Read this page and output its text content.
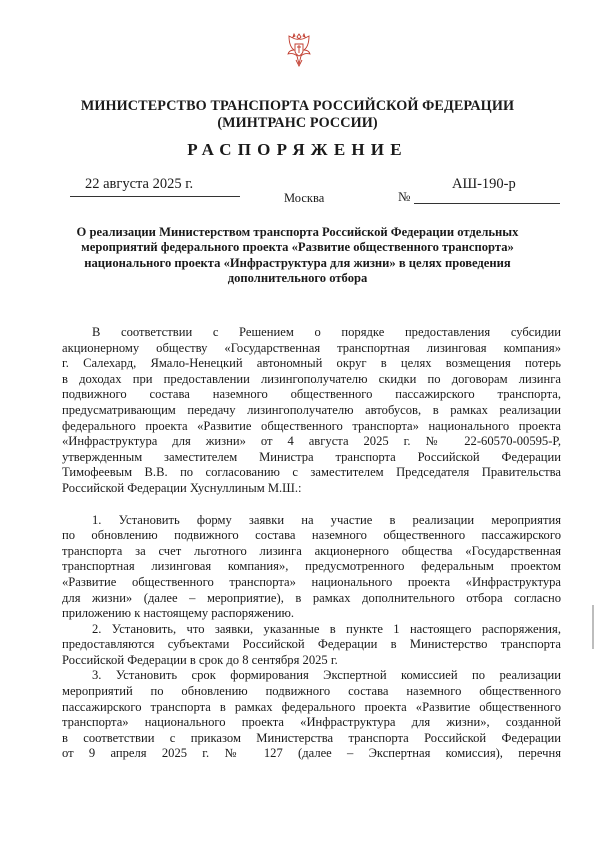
МИНИСТЕРСТВО ТРАНСПОРТА РОССИЙСКОЙ ФЕДЕРАЦИИ
(МИНТРАНС РОССИИ)
РАСПОРЯЖЕНИЕ
22 августа 2025 г.
Москва	№
АШ-190-р
О реализации Министерством транспорта Российской Федерации отдельных
мероприятий федерального проекта «Развитие общественного транспорта»
национального проекта «Инфраструктура для жизни» в целях проведения
дополнительного отбора
В соответствии с Решением о порядке предоставления субсидии
акционерному обществу «Государственная транспортная лизинговая компания»
г. Салехард, Ямало-Ненецкий автономный округ в целях возмещения потерь
в доходах при предоставлении лизингополучателю скидки по договорам лизинга
подвижного состава наземного общественного пассажирского транспорта,
предусматривающим передачу лизингополучателю автобусов, в рамках реализации
федерального проекта «Развитие общественного транспорта» национального проекта
«Инфраструктура для жизни» от 4 августа 2025 г. № 22-60570-00595-Р,
утвержденным заместителем Министра транспорта Российской Федерации
Тимофеевым В.В. по согласованию с заместителем Председателя Правительства
Российской Федерации Хуснуллиным М.Ш.:
1. Установить форму заявки на участие в реализации мероприятия
по обновлению подвижного состава наземного общественного пассажирского
транспорта за счет льготного лизинга акционерного общества «Государственная
транспортная лизинговая компания», предусмотренного федеральным проектом
«Развитие общественного транспорта» национального проекта «Инфраструктура
для жизни» (далее – мероприятие), в рамках дополнительного отбора согласно
приложению к настоящему распоряжению.
2. Установить, что заявки, указанные в пункте 1 настоящего распоряжения,
предоставляются субъектами Российской Федерации в Министерство транспорта
Российской Федерации в срок до 8 сентября 2025 г.
3. Установить срок формирования Экспертной комиссией по реализации
мероприятий по обновлению подвижного состава наземного общественного
пассажирского транспорта в рамках федерального проекта «Развитие общественного
транспорта» национального проекта «Инфраструктура для жизни», созданной
в соответствии с приказом Министерства транспорта Российской Федерации
от 9 апреля 2025 г. № 127 (далее – Экспертная комиссия), перечня
